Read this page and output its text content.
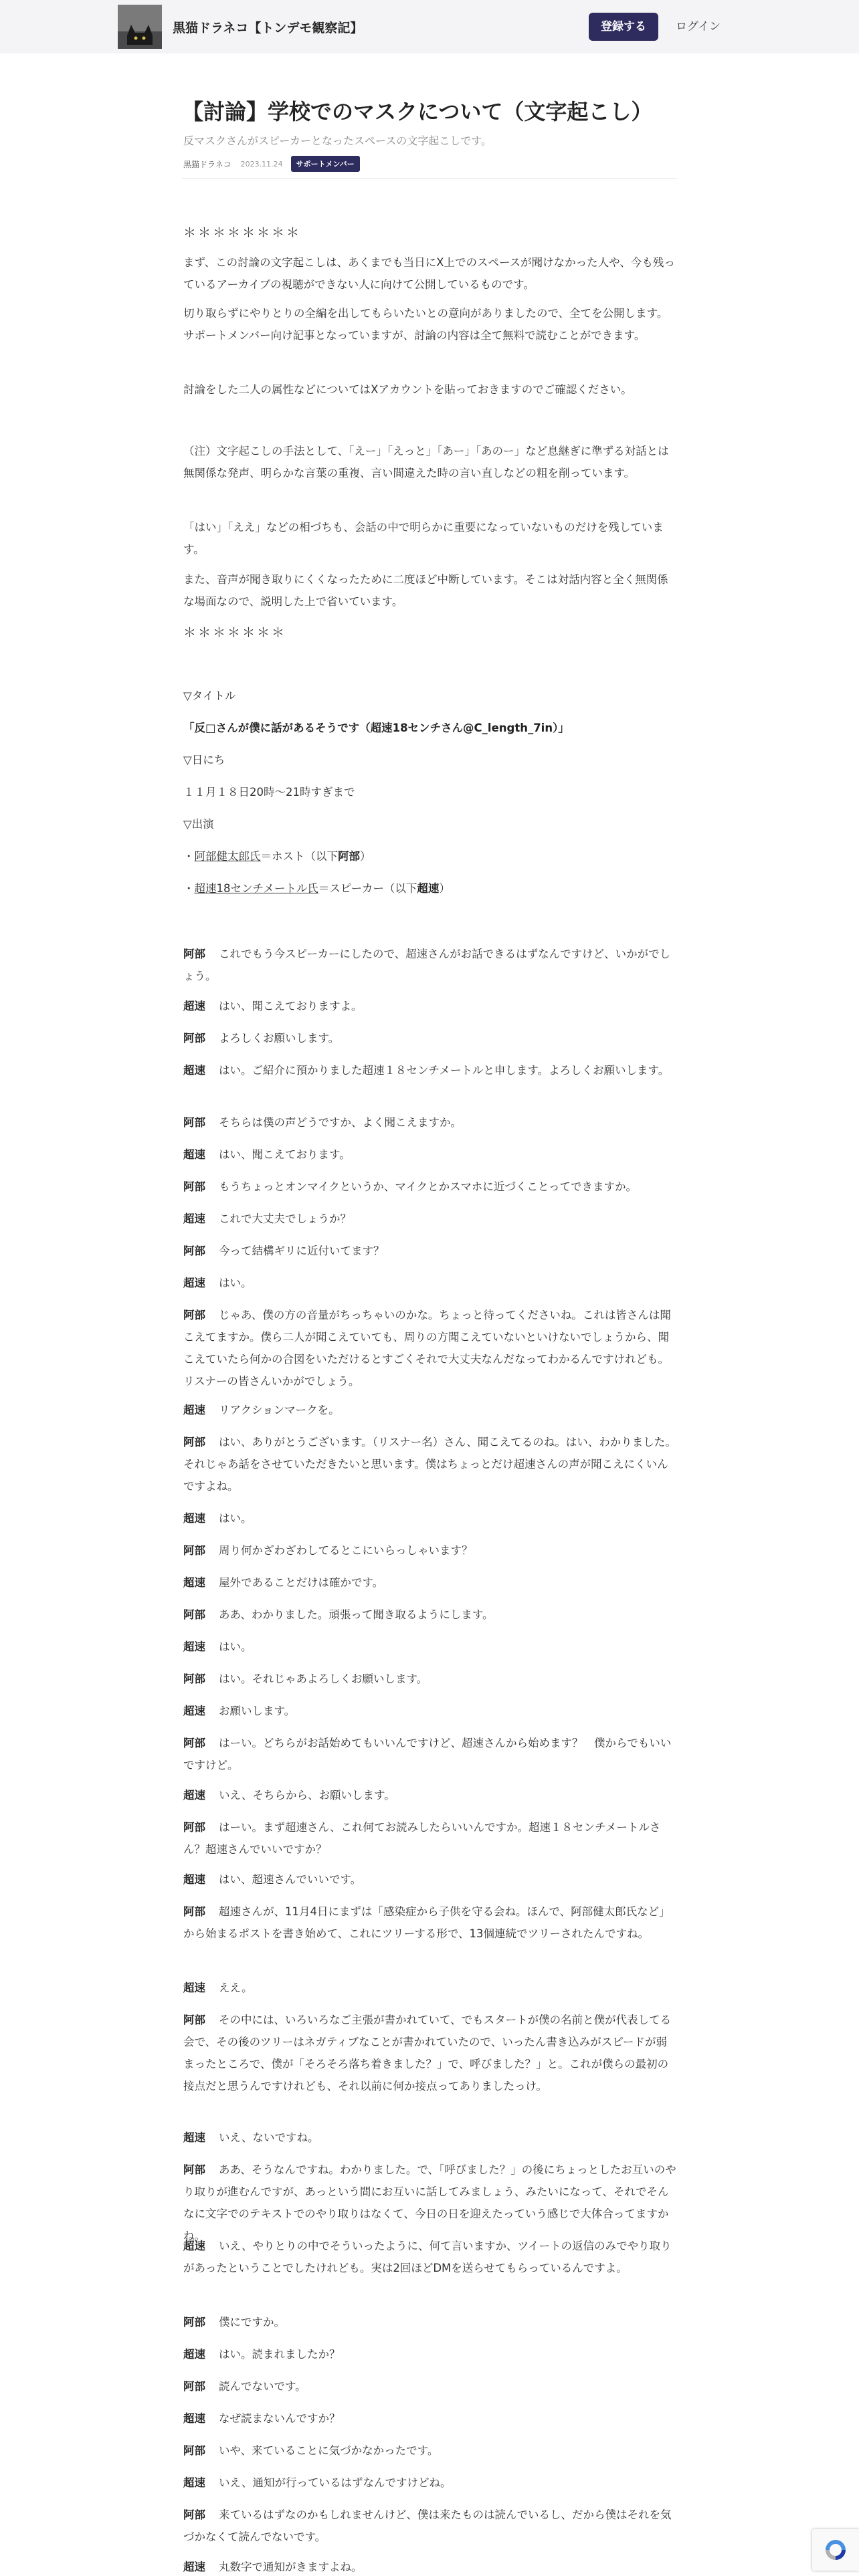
黒猫ドラネコ【トンデモ観察記】	登録する	ログイン
【討論】学校でのマスクについて（文字起こし）
反マスクさんがスピーカーとなったスペースの文字起こしです。
黒猫ドラネコ 2023.11.24	サポートメンバー
＊＊＊＊＊＊＊＊
まず、この討論の文字起こしは、あくまでも当日にX上でのスペースが聞けなかった人や、今も残っているアーカイブの視聴ができない人に向けて公開しているものです。
切り取らずにやりとりの全編を出してもらいたいとの意向がありましたので、全てを公開します。サポートメンバー向け記事となっていますが、討論の内容は全て無料で読むことができます。
討論をした二人の属性などについてはXアカウントを貼っておきますのでご確認ください。
（注）文字起こしの手法として、「えー」「えっと」「あー」「あのー」など息継ぎに準ずる対話とは無関係な発声、明らかな言葉の重複、言い間違えた時の言い直しなどの粗を削っています。
「はい」「ええ」などの相づちも、会話の中で明らかに重要になっていないものだけを残しています。
また、音声が聞き取りにくくなったために二度ほど中断しています。そこは対話内容と全く無関係な場面なので、説明した上で省いています。
＊＊＊＊＊＊＊
▽タイトル
「反□さんが僕に話があるそうです（超速18センチさん@C_length_7in）」
▽日にち
１１月１８日20時〜21時すぎまで
▽出演
・阿部健太郎氏＝ホスト（以下阿部）
・超速18センチメートル氏＝スピーカー（以下超速）
阿部 これでもう今スピーカーにしたので、超速さんがお話できるはずなんですけど、いかがでしょう。
超速 はい、聞こえておりますよ。
阿部 よろしくお願いします。
超速 はい。ご紹介に預かりました超速１８センチメートルと申します。よろしくお願いします。
阿部 そちらは僕の声どうですか、よく聞こえますか。
超速 はい、聞こえております。
阿部 もうちょっとオンマイクというか、マイクとかスマホに近づくことってできますか。
超速 これで大丈夫でしょうか？
阿部 今って結構ギリに近付いてます？
超速 はい。
阿部 じゃあ、僕の方の音量がちっちゃいのかな。ちょっと待ってくださいね。これは皆さんは聞こえてますか。僕ら二人が聞こえていても、周りの方聞こえていないといけないでしょうから、聞こえていたら何かの合図をいただけるとすごくそれで大丈夫なんだなってわかるんですけれども。リスナーの皆さんいかがでしょう。
超速 リアクションマークを。
阿部 はい、ありがとうございます。（リスナー名）さん、聞こえてるのね。はい、わかりました。それじゃあ話をさせていただきたいと思います。僕はちょっとだけ超速さんの声が聞こえにくいんですよね。
超速 はい。
阿部 周り何かざわざわしてるとこにいらっしゃいます？
超速 屋外であることだけは確かです。
阿部 ああ、わかりました。頑張って聞き取るようにします。
超速 はい。
阿部 はい。それじゃあよろしくお願いします。
超速 お願いします。
阿部 はーい。どちらがお話始めてもいいんですけど、超速さんから始めます？　僕からでもいいですけど。
超速 いえ、そちらから、お願いします。
阿部 はーい。まず超速さん、これ何てお読みしたらいいんですか。超速１８センチメートルさん？超速さんでいいですか？
超速 はい、超速さんでいいです。
阿部 超速さんが、11月4日にまずは「感染症から子供を守る会ね。ほんで、阿部健太郎氏など」から始まるポストを書き始めて、これにツリーする形で、13個連続でツリーされたんですね。
超速 ええ。
阿部 その中には、いろいろなご主張が書かれていて、でもスタートが僕の名前と僕が代表してる会で、その後のツリーはネガティブなことが書かれていたので、いったん書き込みがスピードが弱まったところで、僕が「そろそろ落ち着きました？」で、呼びました？」と。これが僕らの最初の接点だと思うんですけれども、それ以前に何か接点ってありましたっけ。
超速 いえ、ないですね。
阿部 ああ、そうなんですね。わかりました。で、「呼びました？」の後にちょっとしたお互いのやり取りが進むんですが、あっという間にお互いに話してみましょう、みたいになって、それでそんなに文字でのテキストでのやり取りはなくて、今日の日を迎えたっていう感じで大体合ってますかね。
超速 いえ、やりとりの中でそういったように、何て言いますか、ツイートの返信のみでやり取りがあったということでしたけれども。実は2回ほどDMを送らせてもらっているんですよ。
阿部 僕にですか。
超速 はい。読まれましたか？
阿部 読んでないです。
超速 なぜ読まないんですか？
阿部 いや、来ていることに気づかなかったです。
超速 いえ、通知が行っているはずなんですけどね。
阿部 来ているはずなのかもしれませんけど、僕は来たものは読んでいるし、だから僕はそれを気づかなくて読んでないです。
超速 丸数字で通知がきますよね。
